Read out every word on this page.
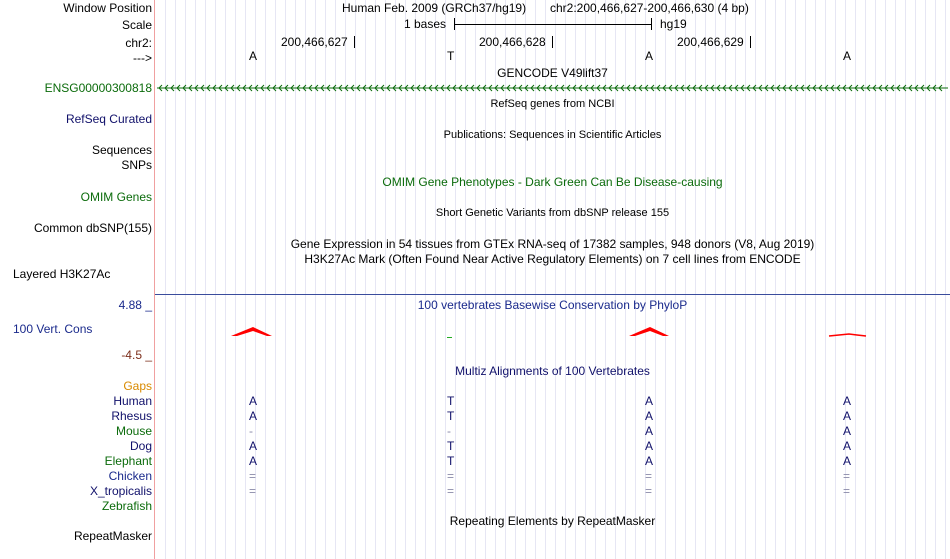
Window Position	Human Feb. 2009 (GRCh37/hg19) chr2:200,466,627-200,466,630 (4 bp)
Scale	1 bases	hg19
chr2:	200,466,627	200,466,628	200,466,629
--->	A	T	A	A
GENCODE V49lift37
ENSG00000300818
RefSeq genes from NCBI
RefSeq Curated
Publications: Sequences in Scientific Articles
Sequences
SNPs
OMIM Gene Phenotypes - Dark Green Can Be Disease-causing
OMIM Genes
Short Genetic Variants from dbSNP release 155
Common dbSNP(155)
Gene Expression in 54 tissues from GTEx RNA-seq of 17382 samples, 948 donors (V8, Aug 2019)
H3K27Ac Mark (Often Found Near Active Regulatory Elements) on 7 cell lines from ENCODE
Layered H3K27Ac
100 vertebrates Basewise Conservation by PhyloP
4.88 _
100 Vert. Cons
-4.5 _
Multiz Alignments of 100 Vertebrates
Gaps
Human	A	T	A	A
Rhesus	A	T	A	A
Mouse	-	-	A	A
Dog	A	T	A	A
Elephant	A	T	A	A
Chicken	=	=	=	=
X_tropicalis	=	=	=	=
Zebrafish
Repeating Elements by RepeatMasker
RepeatMasker
